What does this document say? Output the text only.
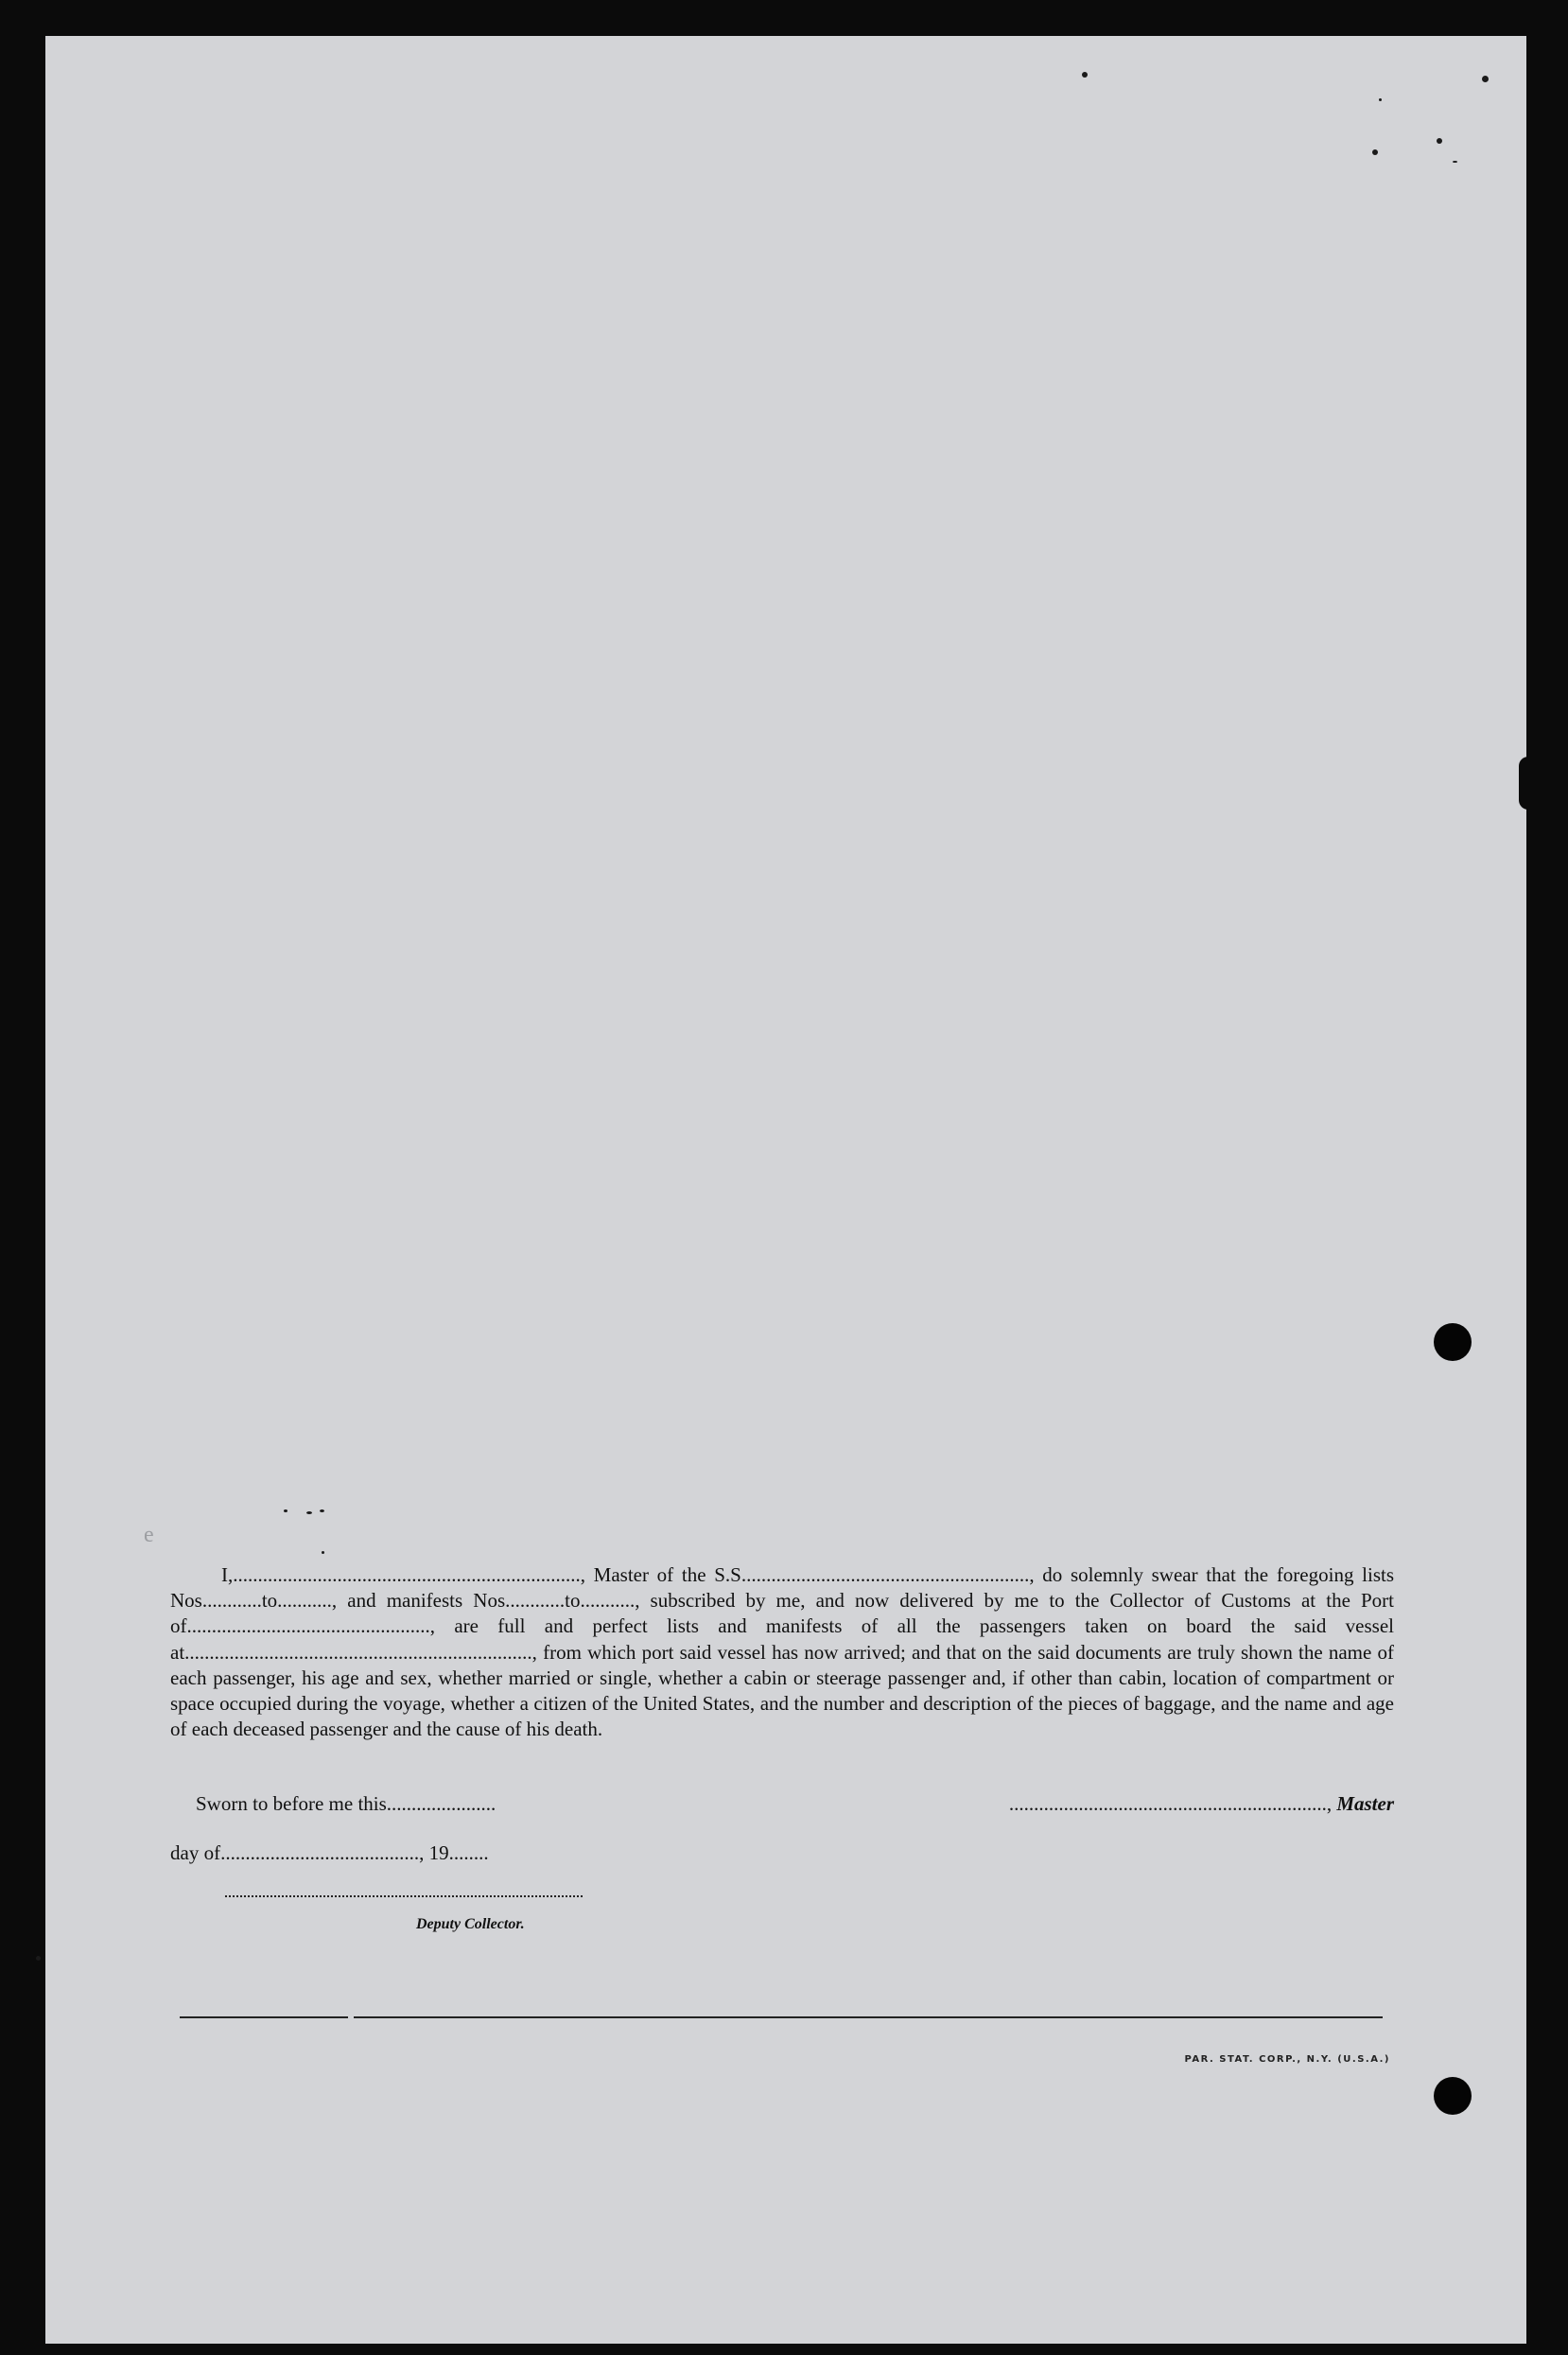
e

I,......................................................................, Master of the S.S.........................................................., do solemnly swear that the foregoing lists Nos............to..........., and manifests Nos............to..........., subscribed by me, and now delivered by me to the Collector of Customs at the Port of................................................., are full and perfect lists and manifests of all the passengers taken on board the said vessel at......................................................................, from which port said vessel has now arrived; and that on the said documents are truly shown the name of each passenger, his age and sex, whether married or single, whether a cabin or steerage passenger and, if other than cabin, location of compartment or space occupied during the voyage, whether a citizen of the United States, and the number and description of the pieces of baggage, and the name and age of each deceased passenger and the cause of his death.

Sworn to before me this......................	................................................................, Master
day of........................................, 19........
Deputy Collector.
PAR. STAT. CORP., N.Y. (U.S.A.)
